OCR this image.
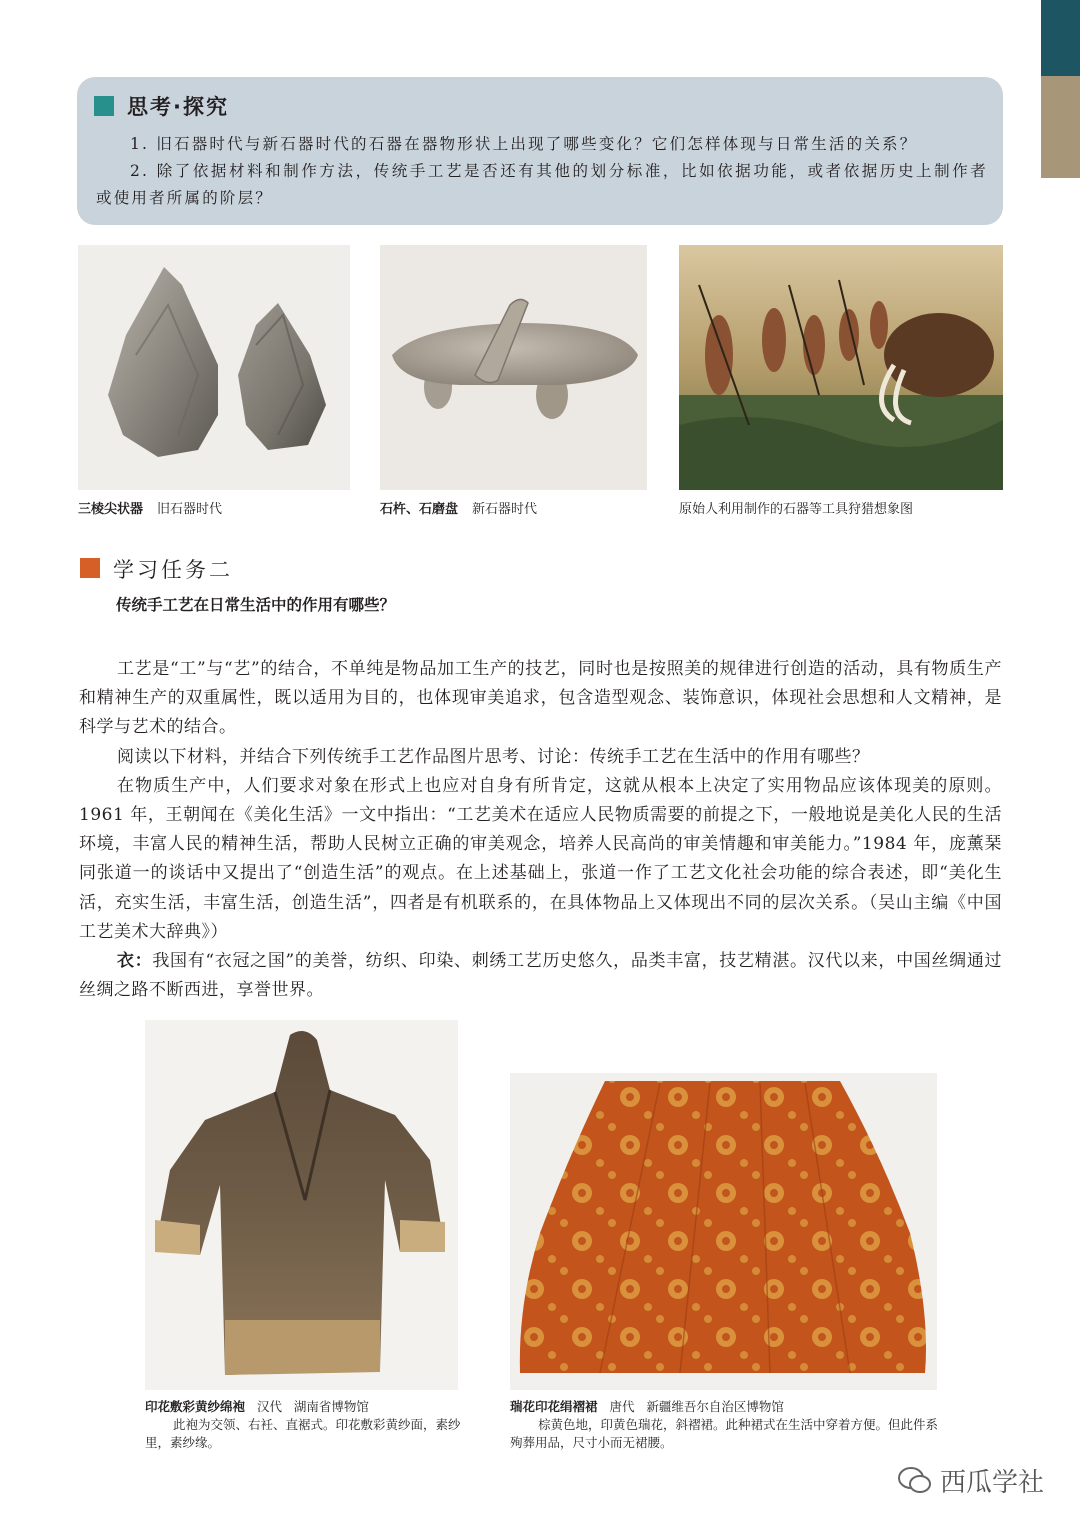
思考·探究
1. 旧石器时代与新石器时代的石器在器物形状上出现了哪些变化？它们怎样体现与日常生活的关系？
2. 除了依据材料和制作方法，传统手工艺是否还有其他的划分标准，比如依据功能，或者依据历史上制作者或使用者所属的阶层？
三棱尖状器 旧石器时代	石杵、石磨盘 新石器时代	原始人利用制作的石器等工具狩猎想象图
学习任务二
传统手工艺在日常生活中的作用有哪些？

工艺是“工”与“艺”的结合，不单纯是物品加工生产的技艺，同时也是按照美的规律进行创造的活动，具有物质生产和精神生产的双重属性，既以适用为目的，也体现审美追求，包含造型观念、装饰意识，体现社会思想和人文精神，是科学与艺术的结合。

阅读以下材料，并结合下列传统手工艺作品图片思考、讨论：传统手工艺在生活中的作用有哪些？

在物质生产中，人们要求对象在形式上也应对自身有所肯定，这就从根本上决定了实用物品应该体现美的原则。1961 年，王朝闻在《美化生活》一文中指出：“工艺美术在适应人民物质需要的前提之下，一般地说是美化人民的生活环境，丰富人民的精神生活，帮助人民树立正确的审美观念，培养人民高尚的审美情趣和审美能力。”1984 年，庞薰琹同张道一的谈话中又提出了“创造生活”的观点。在上述基础上，张道一作了工艺文化社会功能的综合表述，即“美化生活，充实生活，丰富生活，创造生活”，四者是有机联系的，在具体物品上又体现出不同的层次关系。（吴山主编《中国工艺美术大辞典》）

衣：我国有“衣冠之国”的美誉，纺织、印染、刺绣工艺历史悠久，品类丰富，技艺精湛。汉代以来，中国丝绸通过丝绸之路不断西进，享誉世界。

印花敷彩黄纱绵袍 汉代 湖南省博物馆
此袍为交领、右衽、直裾式。印花敷彩黄纱面，素纱里，素纱缘。
瑞花印花绢褶裙 唐代 新疆维吾尔自治区博物馆
棕黄色地，印黄色瑞花，斜褶裙。此种裙式在生活中穿着方便。但此件系殉葬用品，尺寸小而无裙腰。
西瓜学社
